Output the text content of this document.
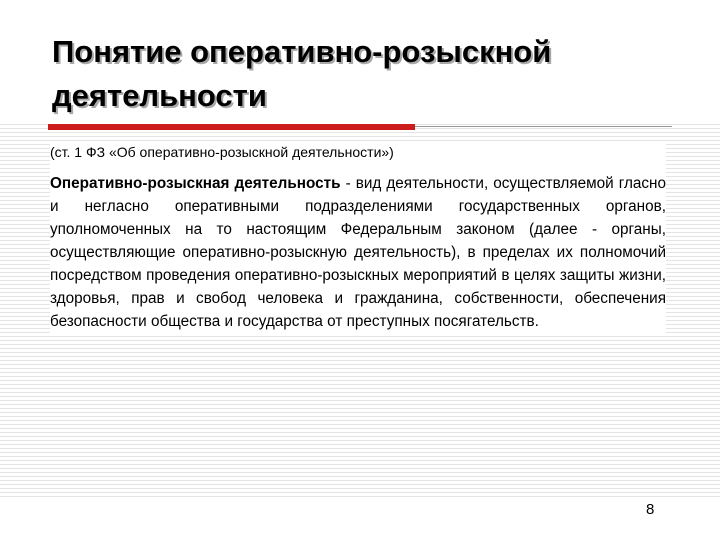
Понятие оперативно-розыскной деятельности

(ст. 1 ФЗ «Об оперативно-розыскной деятельности»)

Оперативно-розыскная деятельность - вид деятельности, осуществляемой гласно и негласно оперативными подразделениями государственных органов, уполномоченных на то настоящим Федеральным законом (далее - органы, осуществляющие оперативно-розыскную деятельность), в пределах их полномочий посредством проведения оперативно-розыскных мероприятий в целях защиты жизни, здоровья, прав и свобод человека и гражданина, собственности, обеспечения безопасности общества и государства от преступных посягательств.

8
